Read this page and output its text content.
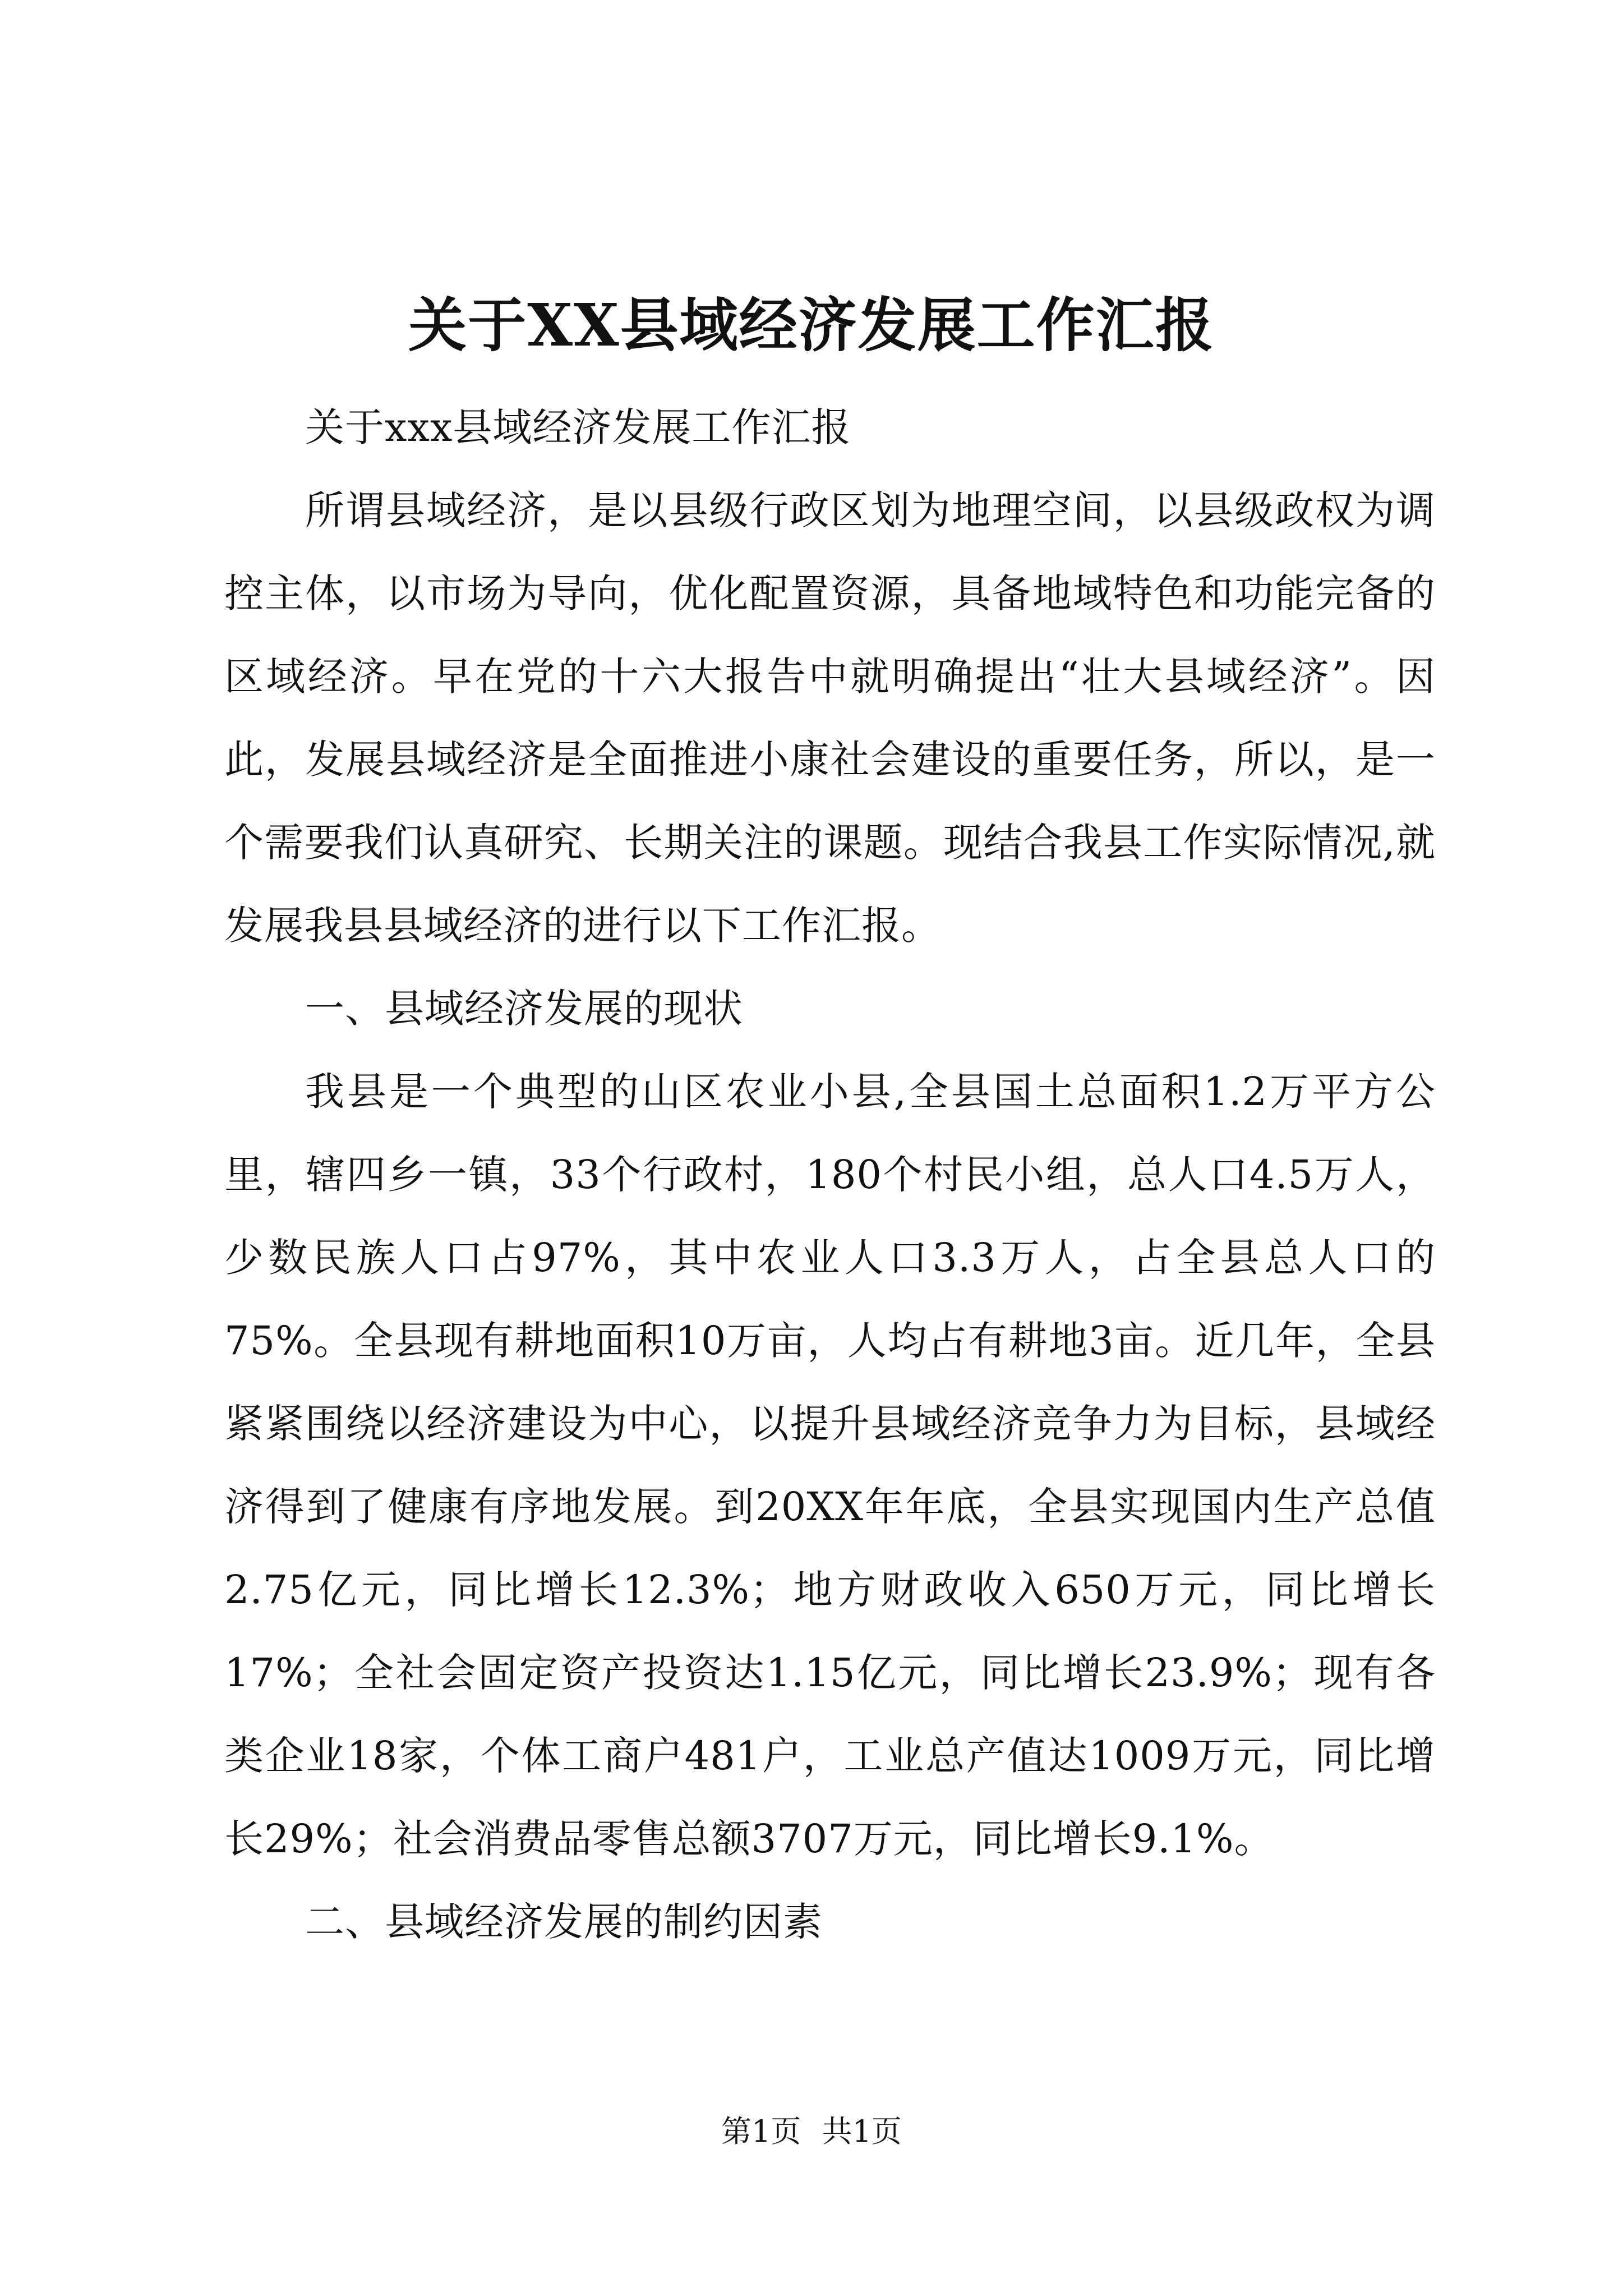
关于XX县域经济发展工作汇报

关于xxx县域经济发展工作汇报

所谓县域经济，是以县级行政区划为地理空间，以县级政权为调控主体，以市场为导向，优化配置资源，具备地域特色和功能完备的区域经济。早在党的十六大报告中就明确提出“壮大县域经济”。因此，发展县域经济是全面推进小康社会建设的重要任务，所以，是一个需要我们认真研究、长期关注的课题。现结合我县工作实际情况,就发展我县县域经济的进行以下工作汇报。

一、县域经济发展的现状

我县是一个典型的山区农业小县,全县国土总面积1.2万平方公里，辖四乡一镇，33个行政村，180个村民小组，总人口4.5万人，少数民族人口占97%，其中农业人口3.3万人，占全县总人口的75%。全县现有耕地面积10万亩，人均占有耕地3亩。近几年，全县紧紧围绕以经济建设为中心，以提升县域经济竞争力为目标，县域经济得到了健康有序地发展。到20XX年年底，全县实现国内生产总值2.75亿元，同比增长12.3%；地方财政收入650万元，同比增长17%；全社会固定资产投资达1.15亿元，同比增长23.9%；现有各类企业18家，个体工商户481户，工业总产值达1009万元，同比增长29%；社会消费品零售总额3707万元，同比增长9.1%。

二、县域经济发展的制约因素

第1页 共1页
